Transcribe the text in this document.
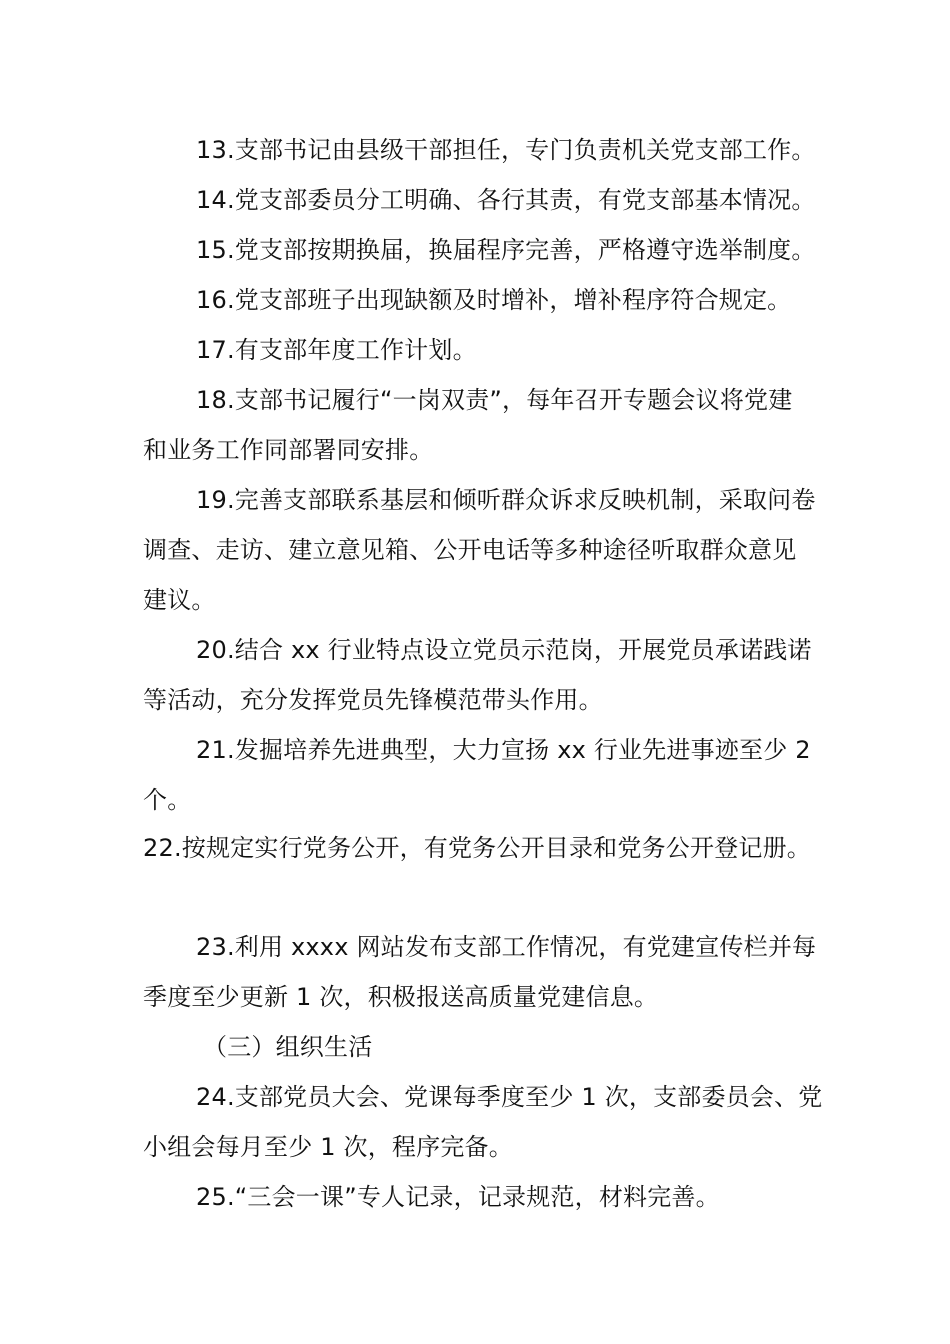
13.支部书记由县级干部担任，专门负责机关党支部工作。
14.党支部委员分工明确、各行其责，有党支部基本情况。
15.党支部按期换届，换届程序完善，严格遵守选举制度。
16.党支部班子出现缺额及时增补，增补程序符合规定。
17.有支部年度工作计划。
18.支部书记履行“一岗双责”，每年召开专题会议将党建
和业务工作同部署同安排。
19.完善支部联系基层和倾听群众诉求反映机制，采取问卷
调查、走访、建立意见箱、公开电话等多种途径听取群众意见
建议。
20.结合 xx 行业特点设立党员示范岗，开展党员承诺践诺
等活动，充分发挥党员先锋模范带头作用。
21.发掘培养先进典型，大力宣扬 xx 行业先进事迹至少 2
个。
22.按规定实行党务公开，有党务公开目录和党务公开登记册。
23.利用 xxxx 网站发布支部工作情况，有党建宣传栏并每
季度至少更新 1 次，积极报送高质量党建信息。
（三）组织生活
24.支部党员大会、党课每季度至少 1 次，支部委员会、党
小组会每月至少 1 次，程序完备。
25.“三会一课”专人记录，记录规范，材料完善。
